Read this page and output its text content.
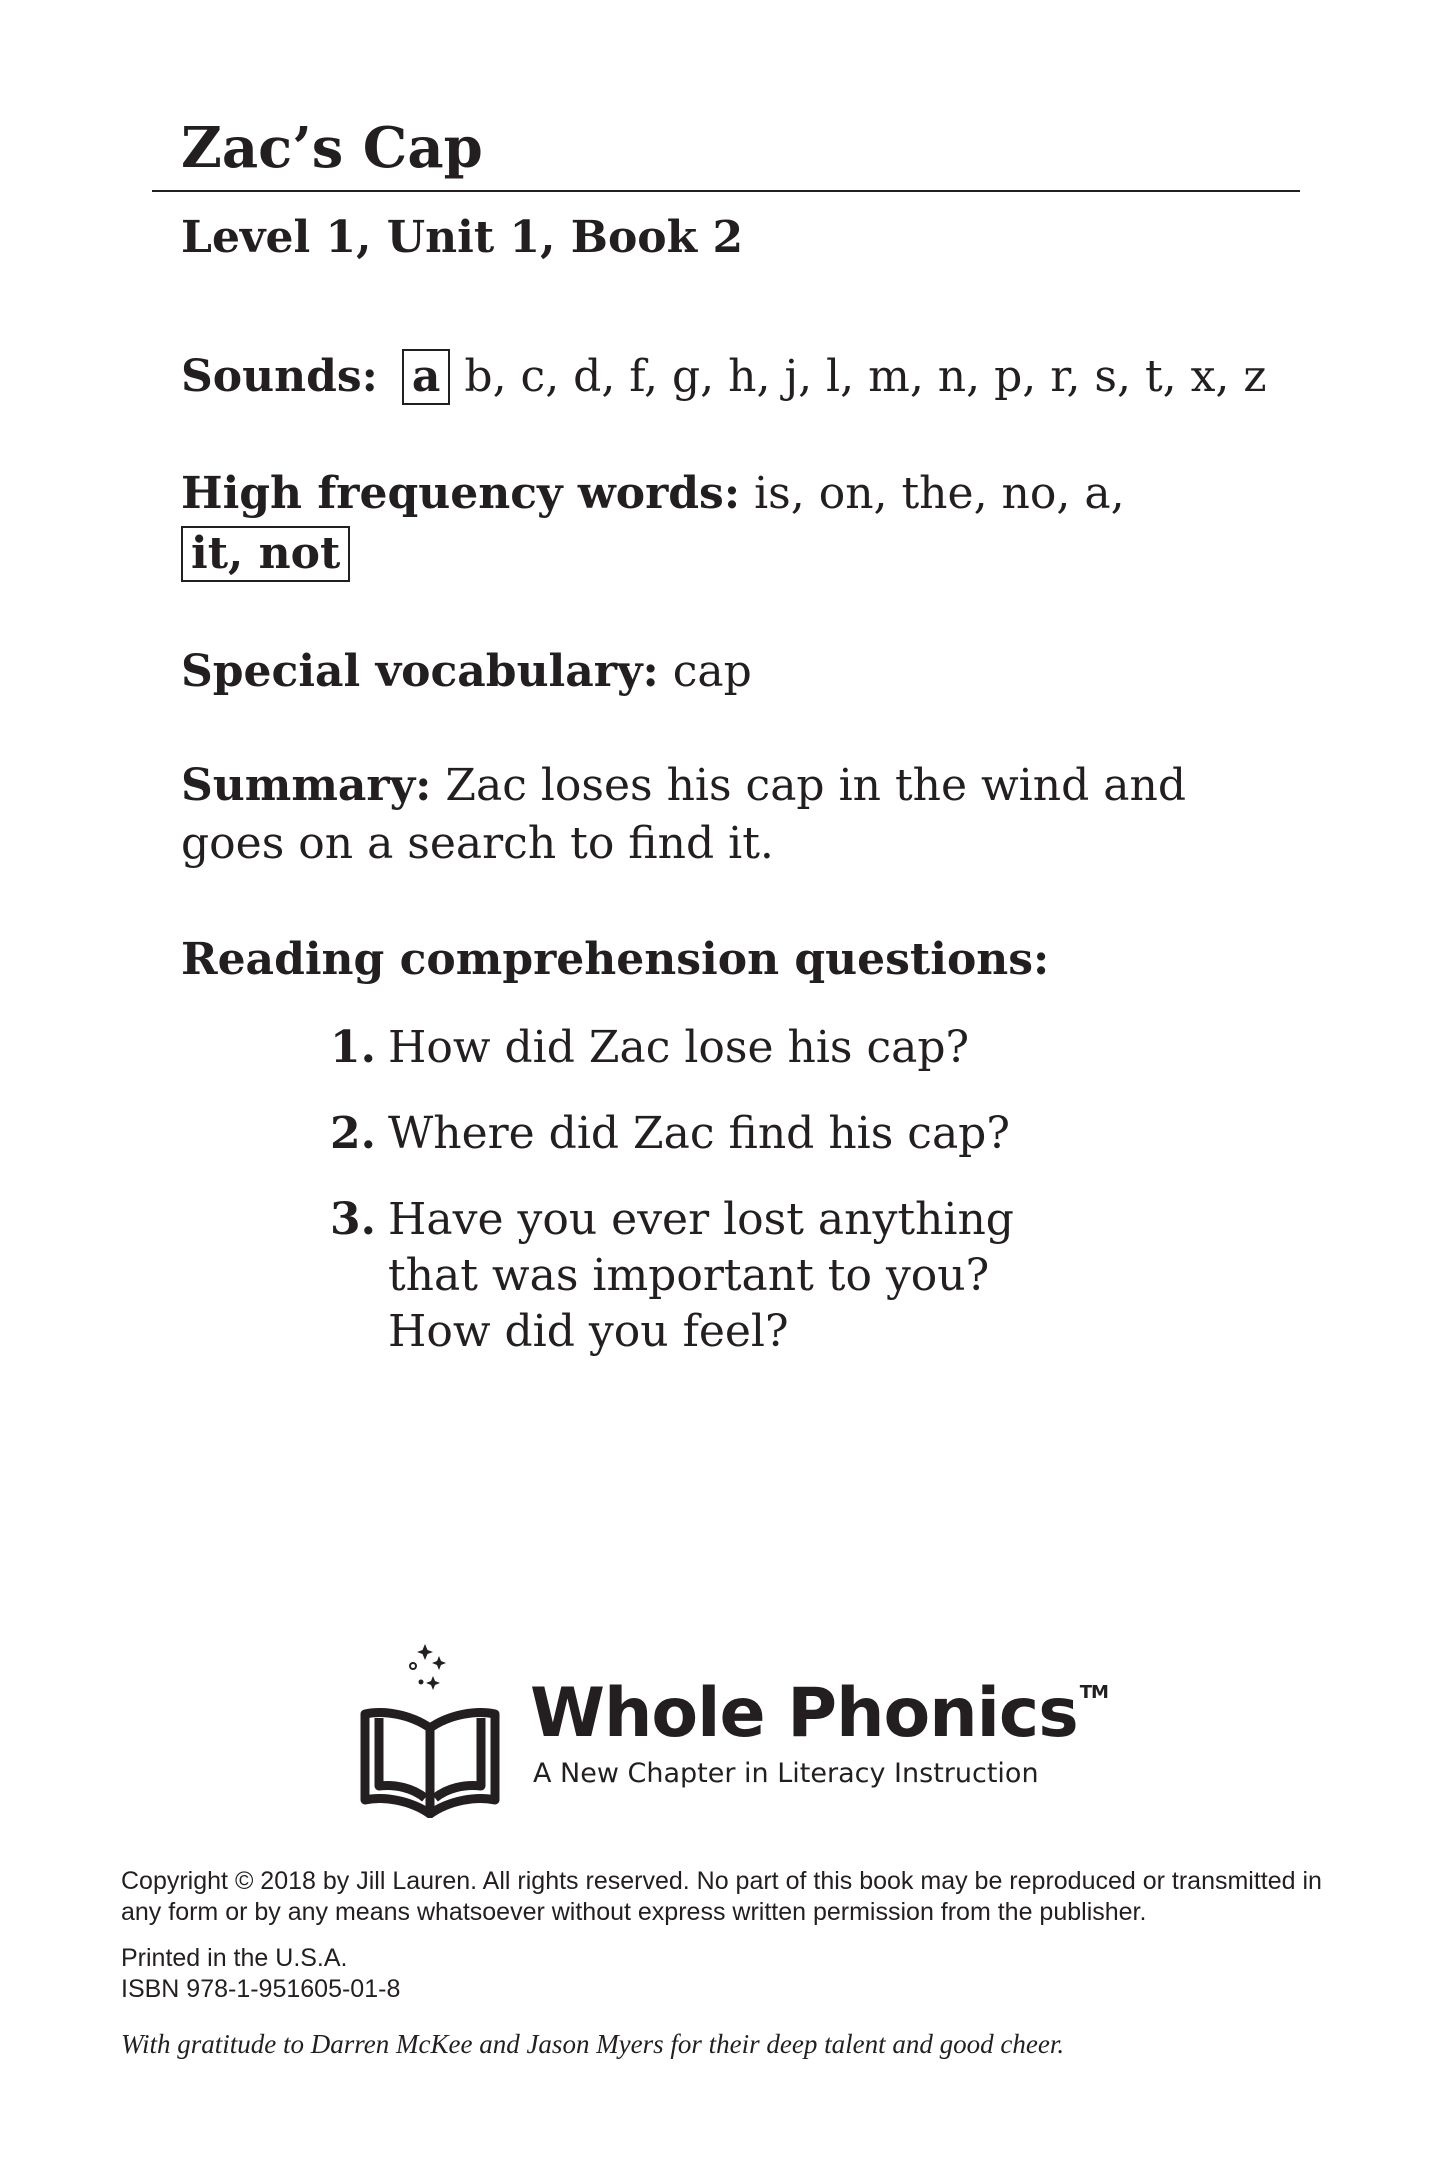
Zac’s Cap
Level 1, Unit 1, Book 2
Sounds: a b, c, d, f, g, h, j, l, m, n, p, r, s, t, x, z
High frequency words: is, on, the, no, a,
it, not
Special vocabulary: cap
Summary: Zac loses his cap in the wind and goes on a search to find it.
Reading comprehension questions:
1. How did Zac lose his cap?
2. Where did Zac find his cap?
3. Have you ever lost anything that was important to you? How did you feel?
Whole Phonics ™
A New Chapter in Literacy Instruction
Copyright © 2018 by Jill Lauren. All rights reserved. No part of this book may be reproduced or transmitted in any form or by any means whatsoever without express written permission from the publisher.
Printed in the U.S.A.
ISBN 978-1-951605-01-8
With gratitude to Darren McKee and Jason Myers for their deep talent and good cheer.
